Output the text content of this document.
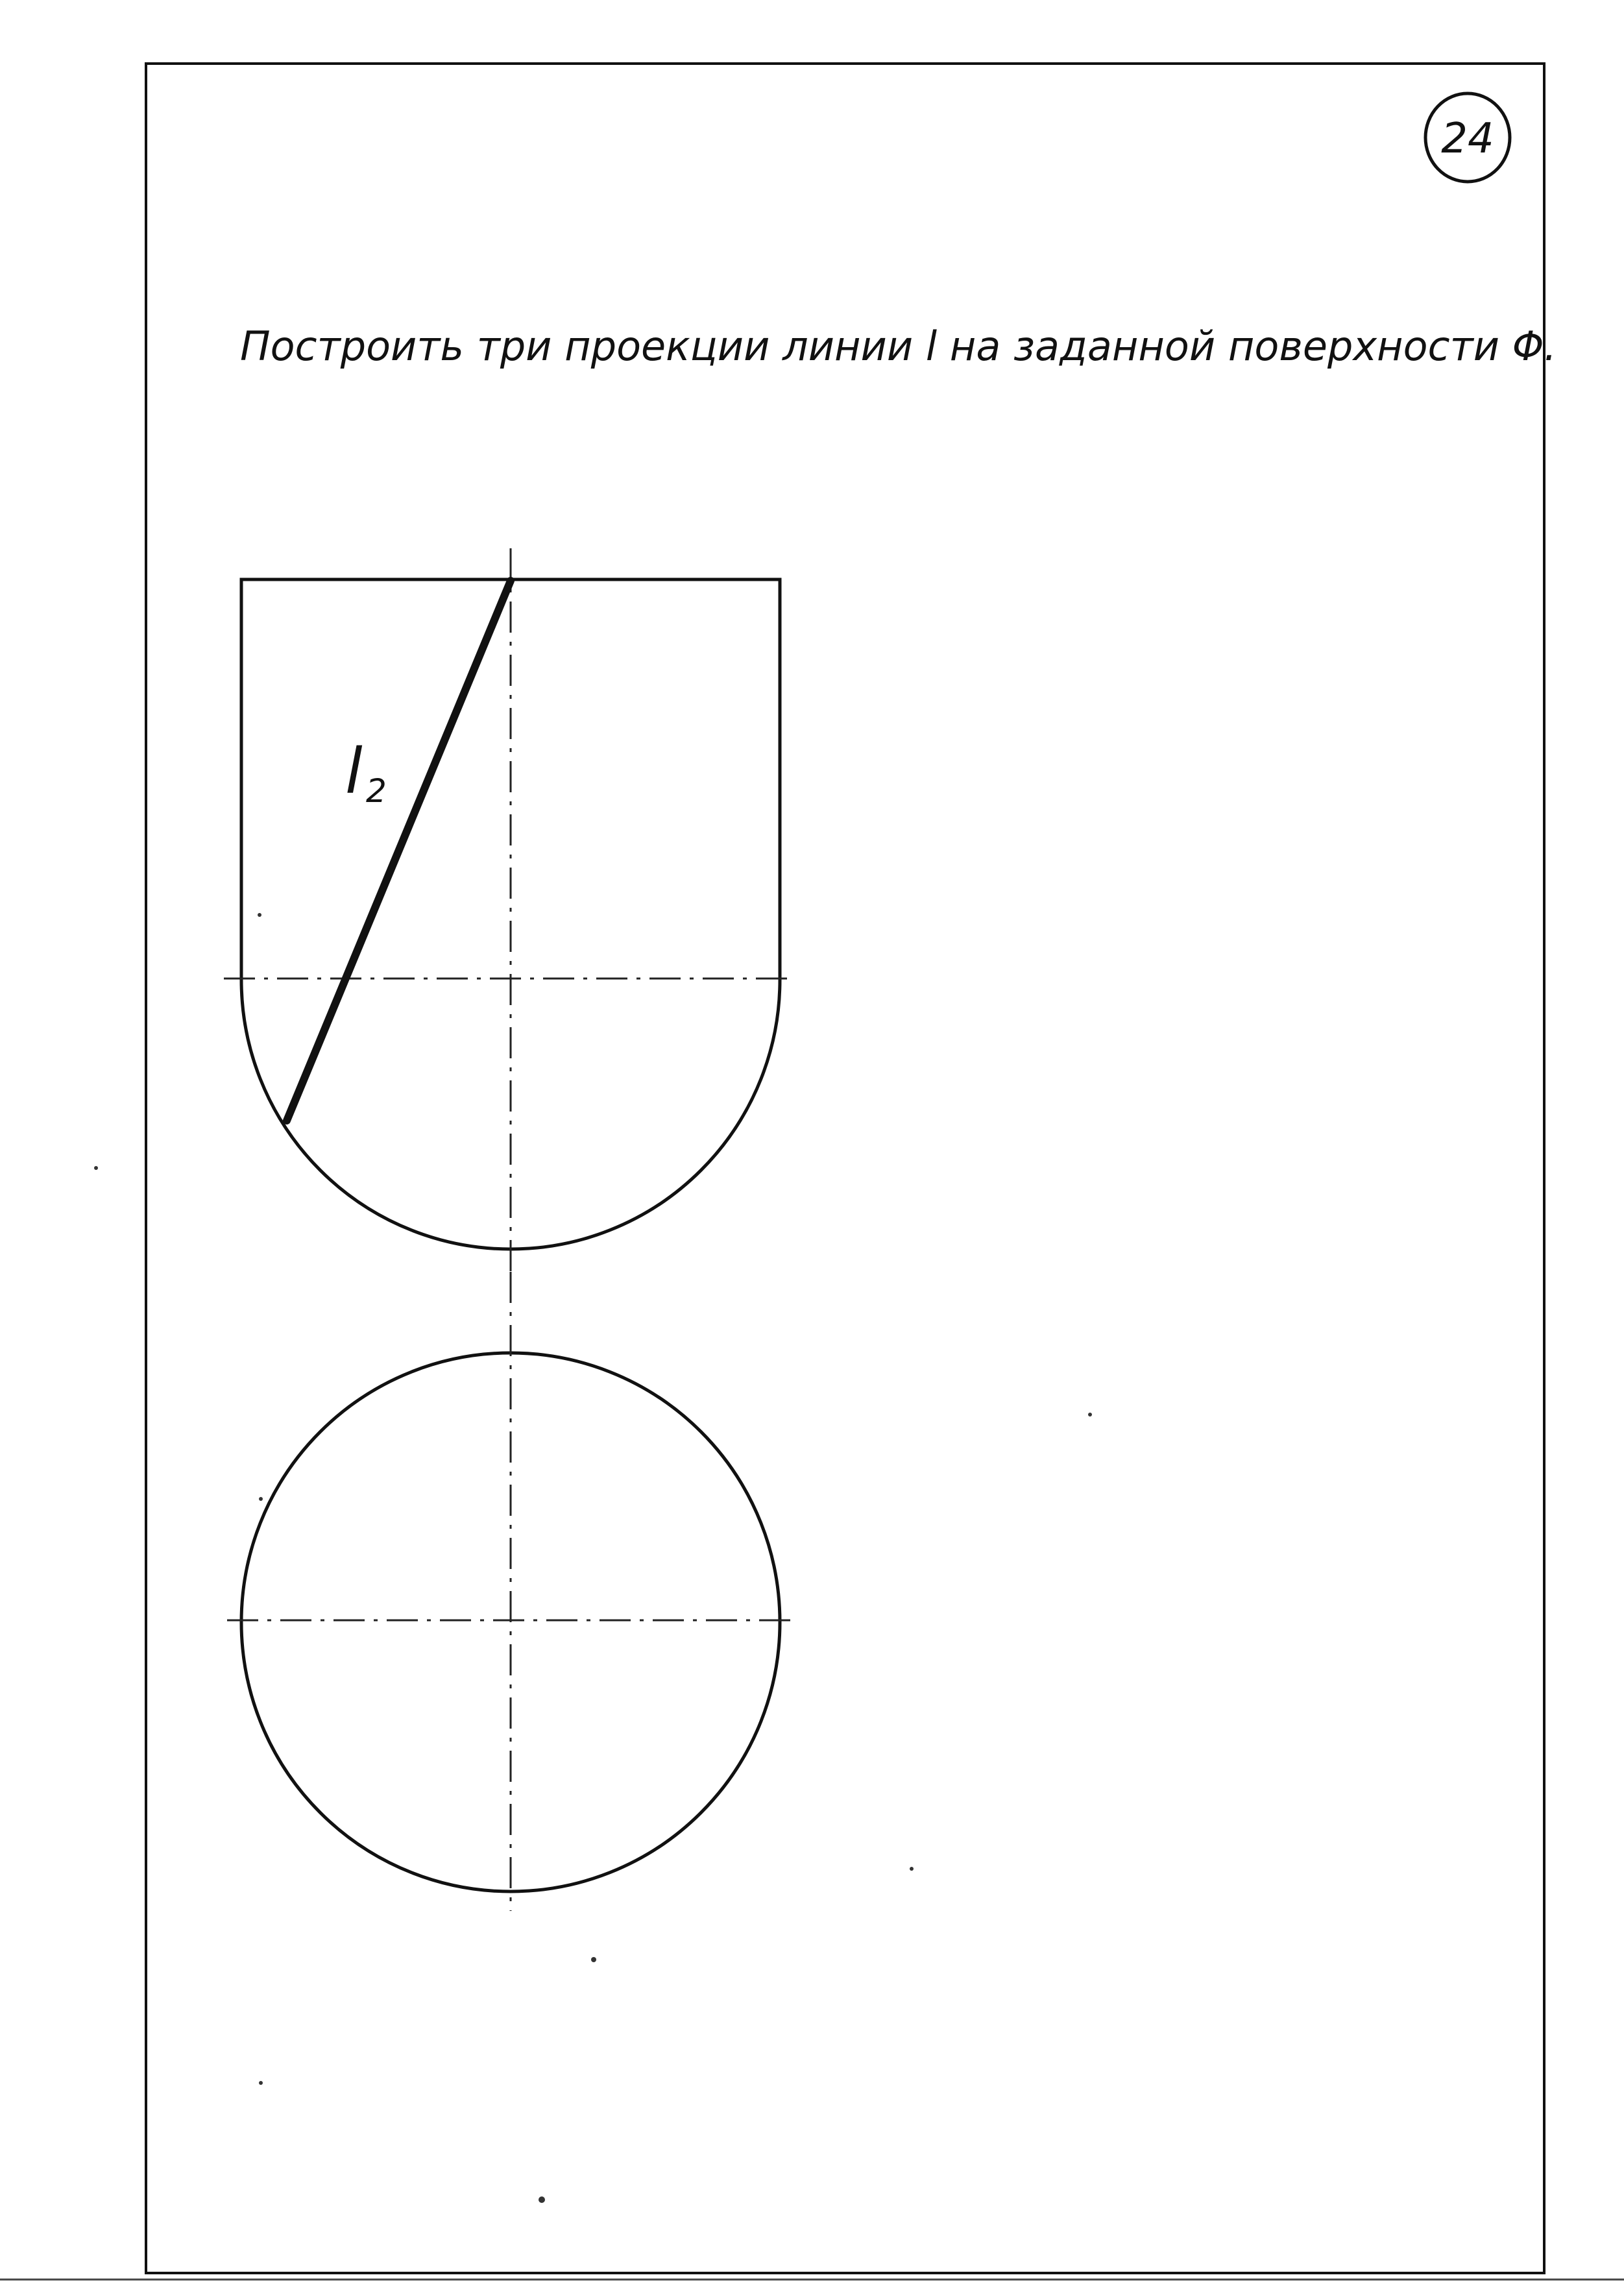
24
Построить три проекции линии l на заданной поверхности Φ.
l 2
